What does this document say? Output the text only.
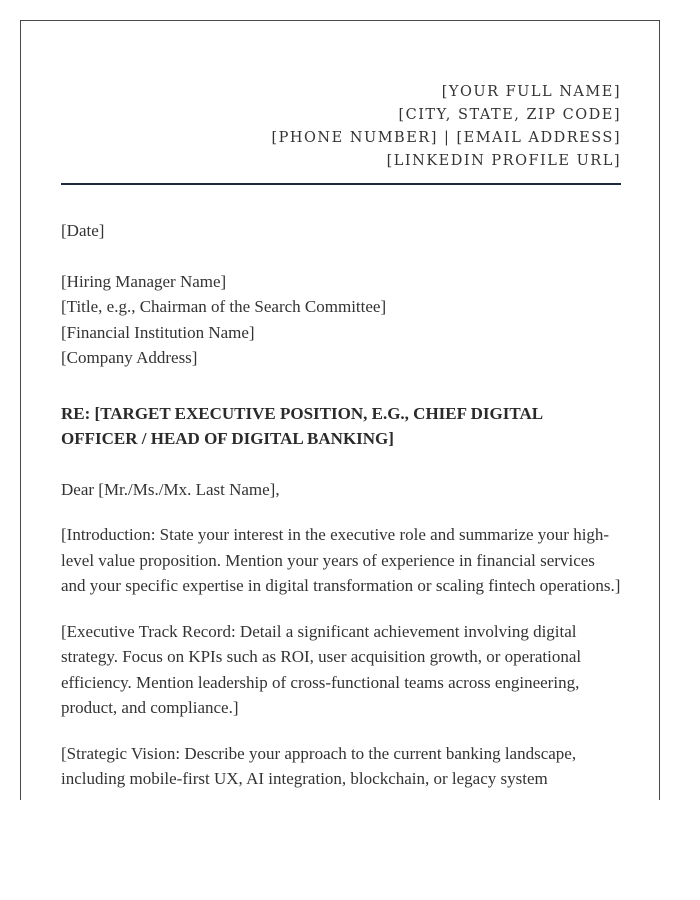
[YOUR FULL NAME]
[CITY, STATE, ZIP CODE]
[PHONE NUMBER] | [EMAIL ADDRESS]
[LINKEDIN PROFILE URL]
[Date]
[Hiring Manager Name]
[Title, e.g., Chairman of the Search Committee]
[Financial Institution Name]
[Company Address]
RE: [TARGET EXECUTIVE POSITION, E.G., CHIEF DIGITAL OFFICER / HEAD OF DIGITAL BANKING]
Dear [Mr./Ms./Mx. Last Name],
[Introduction: State your interest in the executive role and summarize your high-level value proposition. Mention your years of experience in financial services and your specific expertise in digital transformation or scaling fintech operations.]
[Executive Track Record: Detail a significant achievement involving digital strategy. Focus on KPIs such as ROI, user acquisition growth, or operational efficiency. Mention leadership of cross-functional teams across engineering, product, and compliance.]
[Strategic Vision: Describe your approach to the current banking landscape, including mobile-first UX, AI integration, blockchain, or legacy system
